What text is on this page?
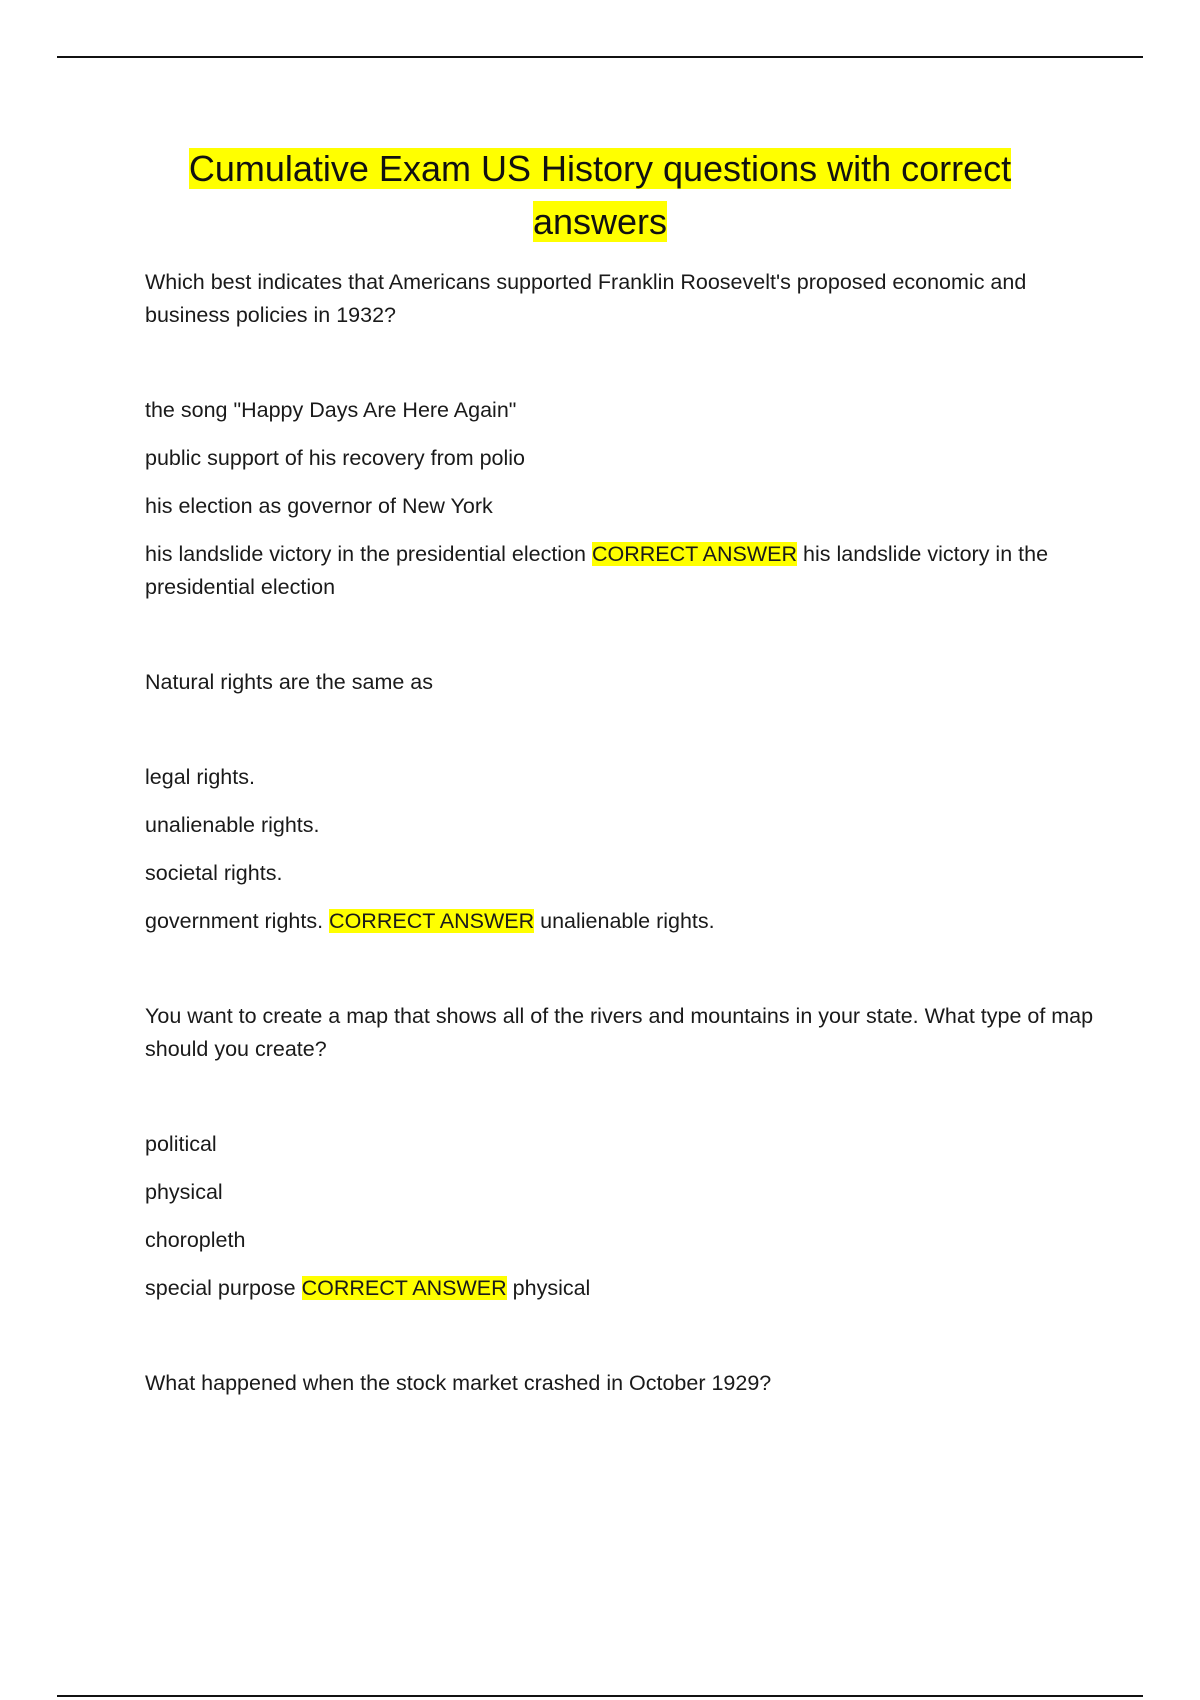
Cumulative Exam US History questions with correct answers

Which best indicates that Americans supported Franklin Roosevelt's proposed economic and business policies in 1932?

the song "Happy Days Are Here Again"

public support of his recovery from polio

his election as governor of New York

his landslide victory in the presidential election CORRECT ANSWER his landslide victory in the presidential election

Natural rights are the same as

legal rights.

unalienable rights.

societal rights.

government rights. CORRECT ANSWER unalienable rights.

You want to create a map that shows all of the rivers and mountains in your state. What type of map should you create?

political

physical

choropleth

special purpose CORRECT ANSWER physical

What happened when the stock market crashed in October 1929?
